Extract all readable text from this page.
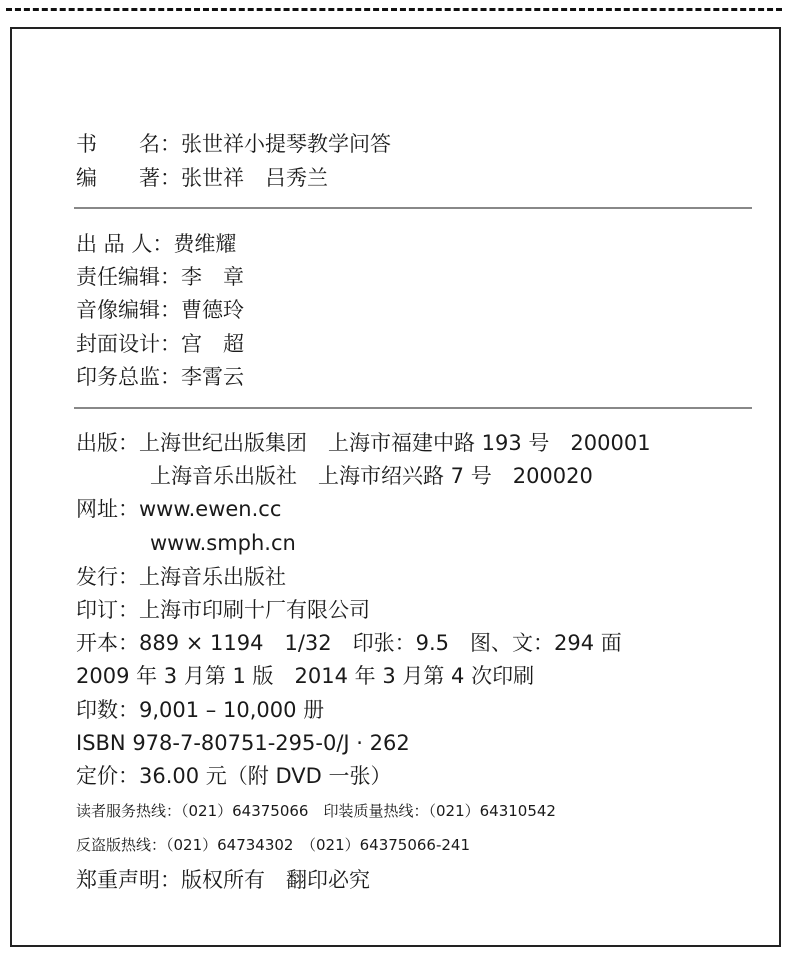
书　　名：张世祥小提琴教学问答
编　　著：张世祥　吕秀兰
出 品 人：费维耀
责任编辑：李　章
音像编辑：曹德玲
封面设计：宫　超
印务总监：李霄云
出版：上海世纪出版集团　上海市福建中路 193 号　200001
上海音乐出版社　上海市绍兴路 7 号　200020
网址：www.ewen.cc
www.smph.cn
发行：上海音乐出版社
印订：上海市印刷十厂有限公司
开本：889 × 1194　1/32　印张：9.5　图、文：294 面
2009 年 3 月第 1 版　2014 年 3 月第 4 次印刷
印数：9,001 – 10,000 册
ISBN 978-7-80751-295-0/J · 262
定价：36.00 元（附 DVD 一张）
读者服务热线：（021）64375066　印装质量热线：（021）64310542
反盗版热线：（021）64734302　（021）64375066-241
郑重声明：版权所有　翻印必究
